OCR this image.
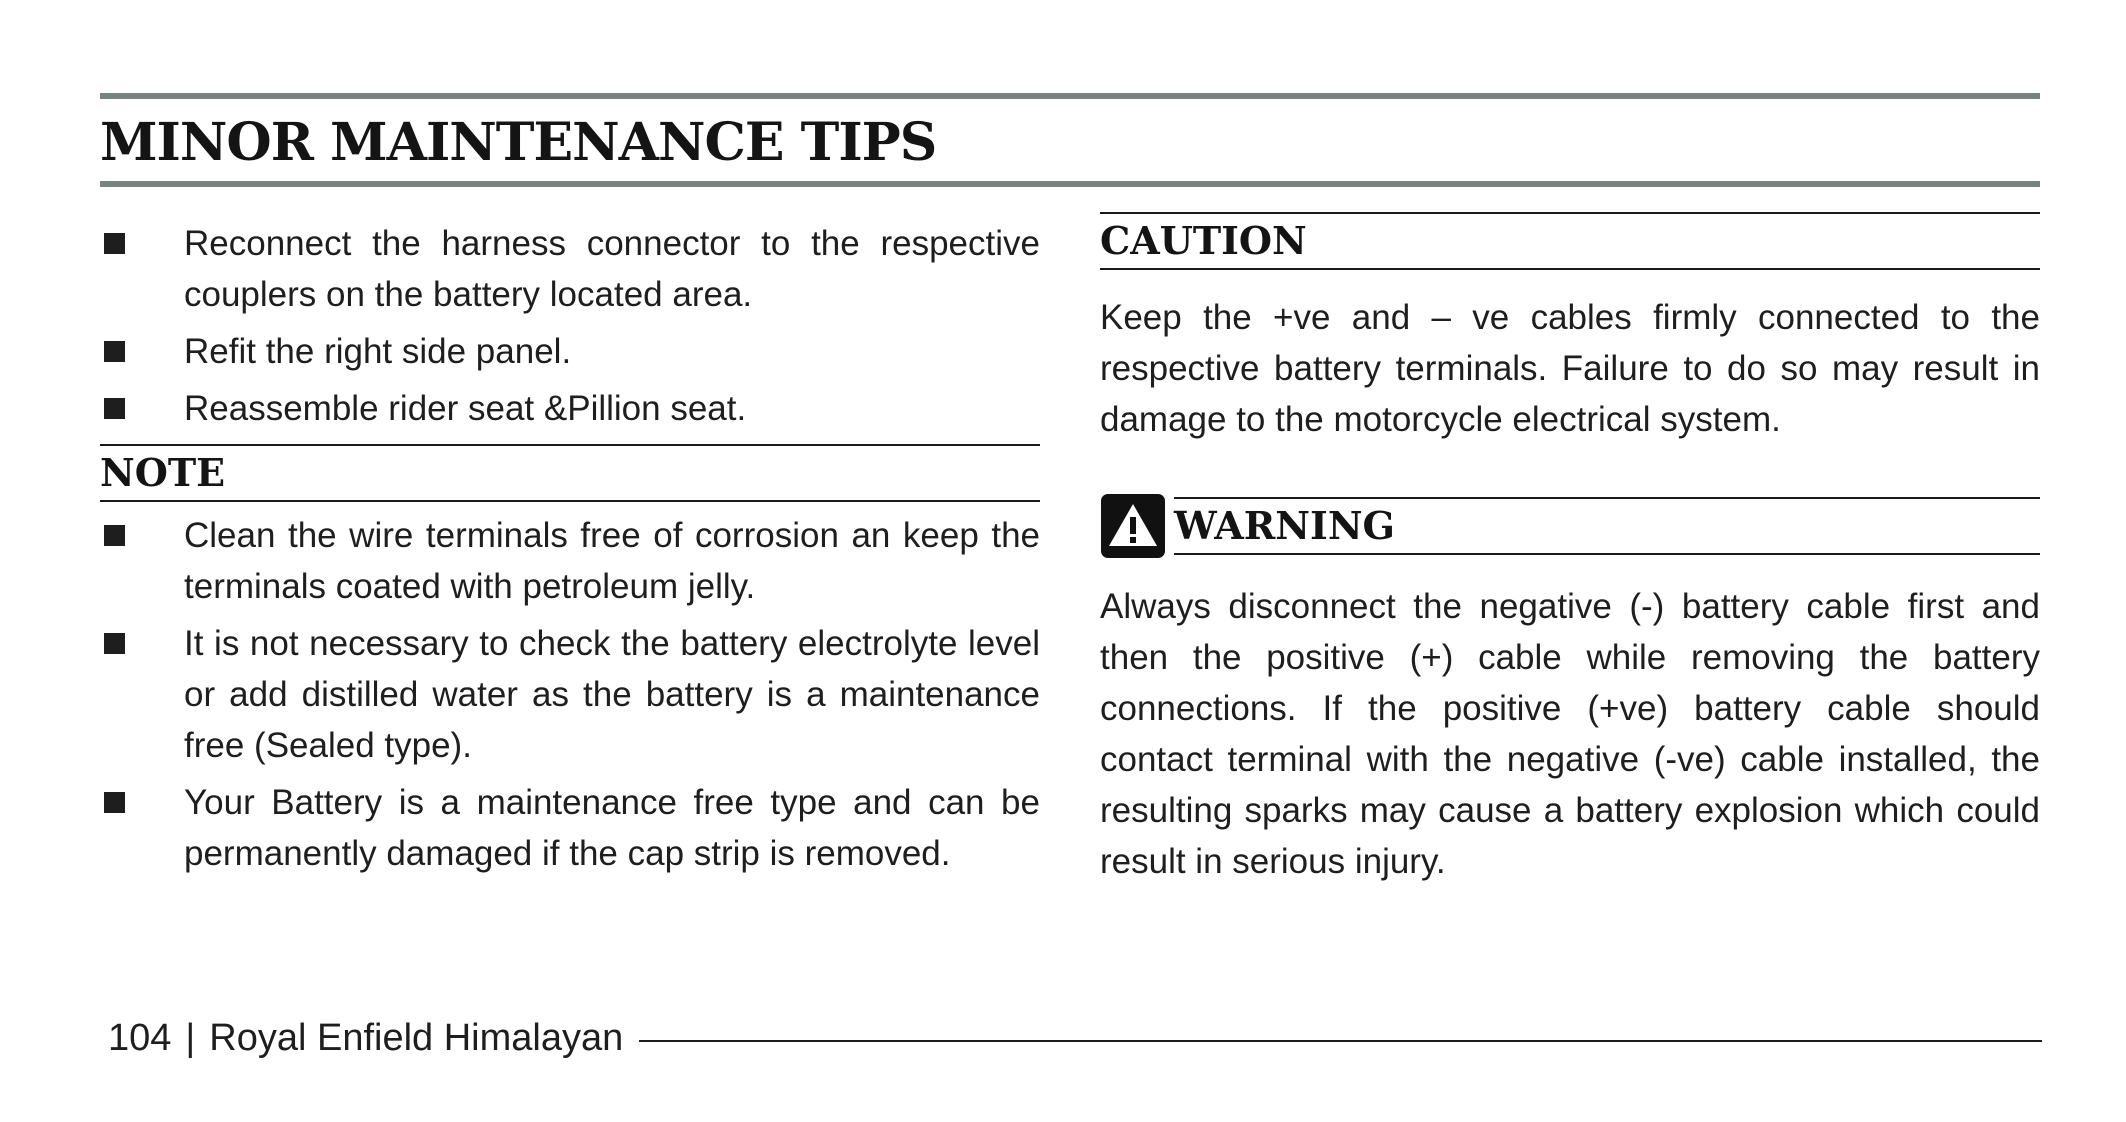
MINOR MAINTENANCE TIPS
Reconnect the harness connector to the respective couplers on the battery located area.
Refit the right side panel.
Reassemble rider seat &Pillion seat.
NOTE
Clean the wire terminals free of corrosion an keep the terminals coated with petroleum jelly.
It is not necessary to check the battery electrolyte level or add distilled water as the battery is a maintenance free (Sealed type).
Your Battery is a maintenance free type and can be permanently damaged if the cap strip is removed.
CAUTION

Keep the +ve and – ve cables firmly connected to the respective battery terminals. Failure to do so may result in damage to the motorcycle electrical system.

WARNING

Always disconnect the negative (-) battery cable first and then the positive (+) cable while removing the battery connections. If the positive (+ve) battery cable should contact terminal with the negative (-ve) cable installed, the resulting sparks may cause a battery explosion which could result in serious injury.

104 | Royal Enfield Himalayan
